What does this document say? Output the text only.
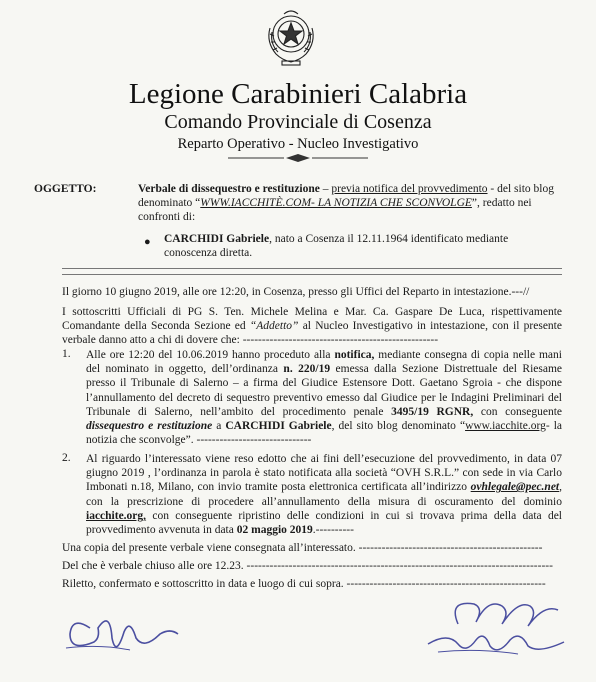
Legione Carabinieri Calabria
Comando Provinciale di Cosenza
Reparto Operativo - Nucleo Investigativo
OGGETTO:	Verbale di dissequestro e restituzione – previa notifica del provvedimento - del sito blog denominato “WWW.IACCHITÈ.COM- LA NOTIZIA CHE SCONVOLGE”, redatto nei confronti di:
● CARCHIDI Gabriele, nato a Cosenza il 12.11.1964 identificato mediante conoscenza diretta.
Il giorno 10 giugno 2019, alle ore 12:20, in Cosenza, presso gli Uffici del Reparto in intestazione.---//
I sottoscritti Ufficiali di PG S. Ten. Michele Melina e Mar. Ca. Gaspare De Luca, rispettivamente Comandante della Seconda Sezione ed “Addetto” al Nucleo Investigativo in intestazione, con il presente verbale danno atto a chi di dovere che: ---------------------------------------------------
1. Alle ore 12:20 del 10.06.2019 hanno proceduto alla notifica, mediante consegna di copia nelle mani del nominato in oggetto, dell’ordinanza n. 220/19 emessa dalla Sezione Distrettuale del Riesame presso il Tribunale di Salerno – a firma del Giudice Estensore Dott. Gaetano Sgroia - che dispone l’annullamento del decreto di sequestro preventivo emesso dal Giudice per le Indagini Preliminari del Tribunale di Salerno, nell’ambito del procedimento penale 3495/19 RGNR, con conseguente dissequestro e restituzione a CARCHIDI Gabriele, del sito blog denominato “www.iacchite.org- la notizia che sconvolge”. ------------------------------
2. Al riguardo l’interessato viene reso edotto che ai fini dell’esecuzione del provvedimento, in data 07 giugno 2019 , l’ordinanza in parola è stato notificata alla società “OVH S.R.L.” con sede in via Carlo Imbonati n.18, Milano, con invio tramite posta elettronica certificata all’indirizzo ovhlegale@pec.net, con la prescrizione di procedere all’annullamento della misura di oscuramento del dominio iacchite.org, con conseguente ripristino delle condizioni in cui si trovava prima della data del provvedimento avvenuta in data 02 maggio 2019.----------
Una copia del presente verbale viene consegnata all’interessato. ------------------------------------------------
Del che è verbale chiuso alle ore 12.23. --------------------------------------------------------------------------------
Riletto, confermato e sottoscritto in data e luogo di cui sopra. ----------------------------------------------------
